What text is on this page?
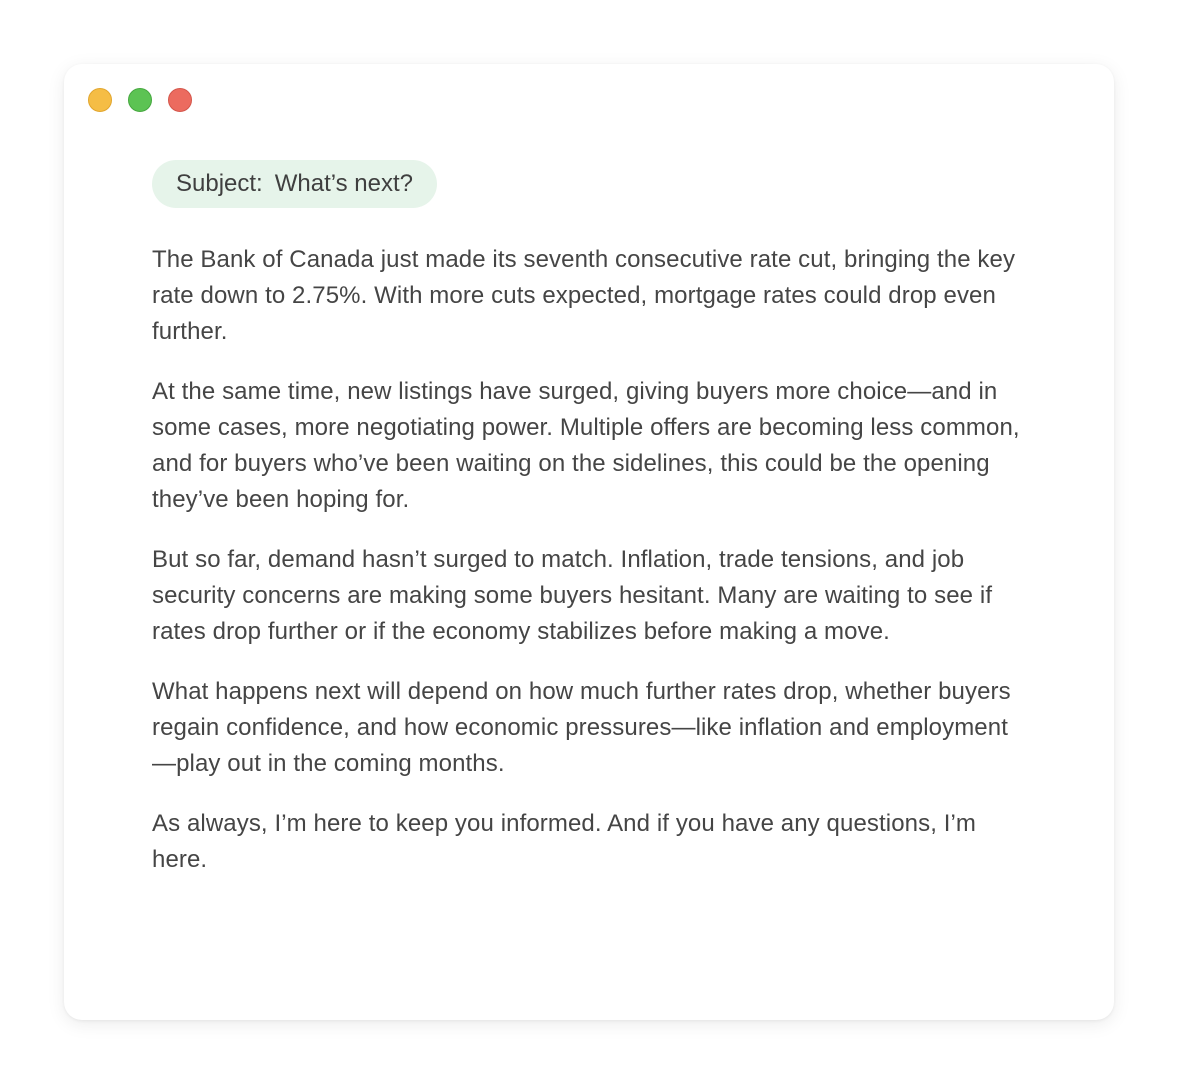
Subject: What’s next?

The Bank of Canada just made its seventh consecutive rate cut, bringing the key rate down to 2.75%. With more cuts expected, mortgage rates could drop even further.

At the same time, new listings have surged, giving buyers more choice—and in some cases, more negotiating power. Multiple offers are becoming less common, and for buyers who’ve been waiting on the sidelines, this could be the opening they’ve been hoping for.

But so far, demand hasn’t surged to match. Inflation, trade tensions, and job security concerns are making some buyers hesitant. Many are waiting to see if rates drop further or if the economy stabilizes before making a move.

What happens next will depend on how much further rates drop, whether buyers regain confidence, and how economic pressures—like inflation and employment—play out in the coming months.

As always, I’m here to keep you informed. And if you have any questions, I’m here.
